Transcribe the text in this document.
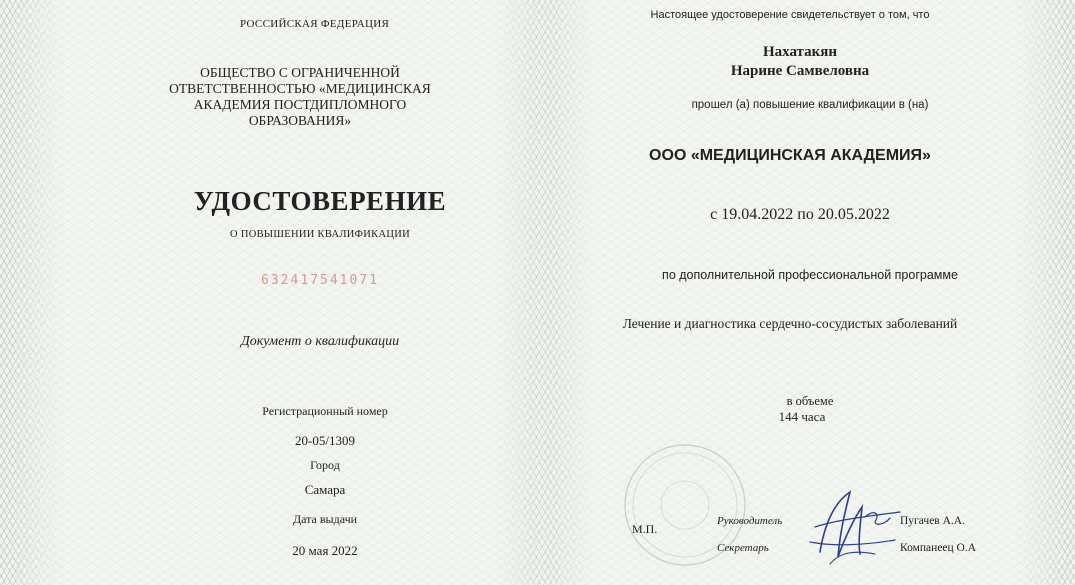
РОССИЙСКАЯ ФЕДЕРАЦИЯ
ОБЩЕСТВО С ОГРАНИЧЕННОЙ
ОТВЕТСТВЕННОСТЬЮ «МЕДИЦИНСКАЯ
АКАДЕМИЯ ПОСТДИПЛОМНОГО
ОБРАЗОВАНИЯ»
УДОСТОВЕРЕНИЕ
О ПОВЫШЕНИИ КВАЛИФИКАЦИИ
632417541071
Документ о квалификации
Регистрационный номер
20-05/1309
Город
Самара
Дата выдачи
20 мая 2022
Настоящее удостоверение свидетельствует о том, что
Нахатакян
Нарине Самвеловна
прошел (а) повышение квалификации в (на)
ООО «МЕДИЦИНСКАЯ АКАДЕМИЯ»
с 19.04.2022 по 20.05.2022
по дополнительной профессиональной программе
Лечение и диагностика сердечно-сосудистых заболеваний
в объеме
144 часа
М.П.
Руководитель	Пугачев А.А.
Секретарь	Компанеец О.А
